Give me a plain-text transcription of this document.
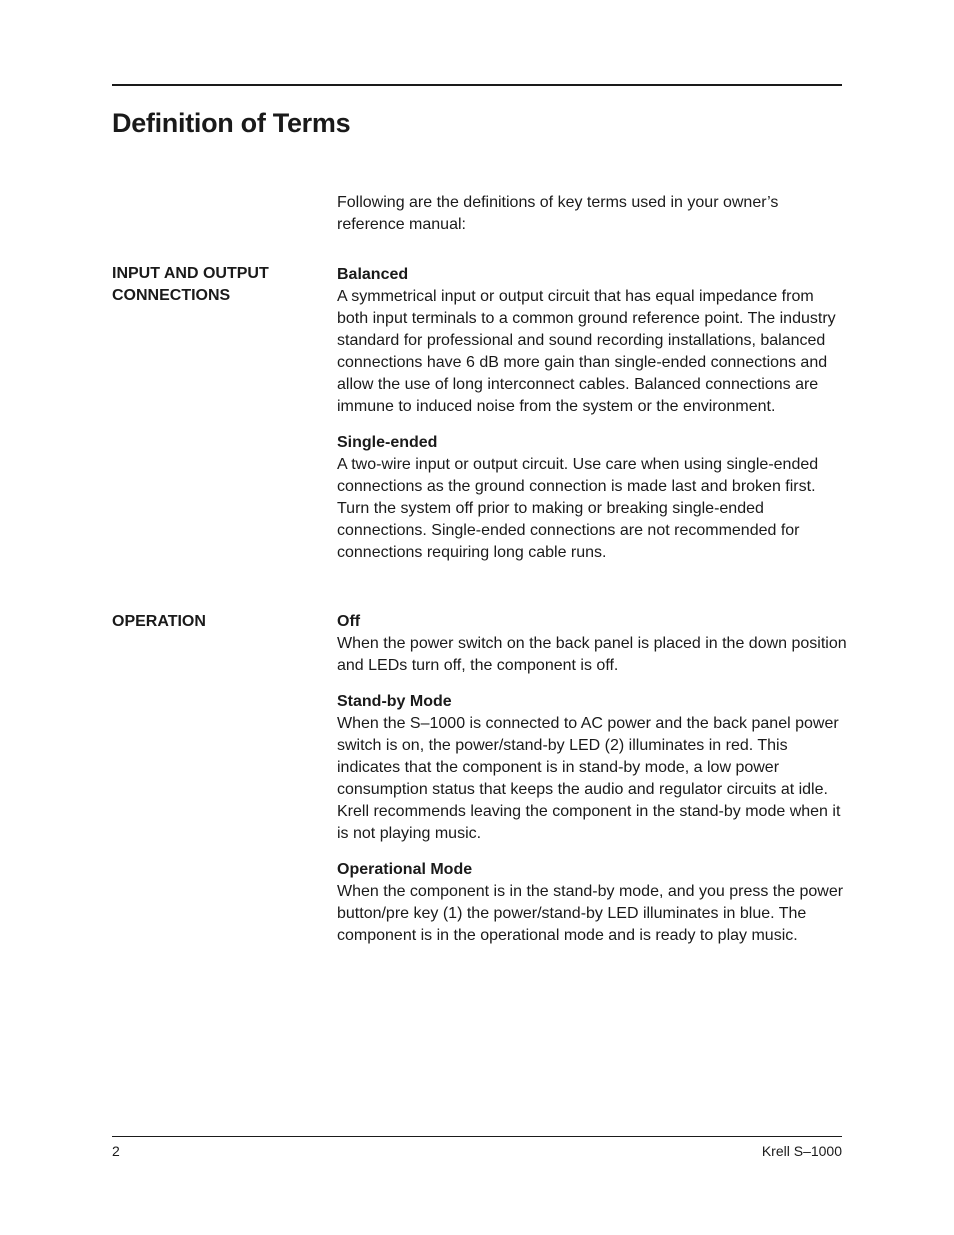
Definition of Terms

Following are the definitions of key terms used in your owner’s reference manual:

INPUT AND OUTPUT
CONNECTIONS

Balanced

A symmetrical input or output circuit that has equal impedance from both input terminals to a common ground reference point. The industry standard for professional and sound recording installations, balanced connections have 6 dB more gain than single-ended connections and allow the use of long interconnect cables. Balanced connections are immune to induced noise from the system or the environment.

Single-ended

A two-wire input or output circuit. Use care when using single-ended connections as the ground connection is made last and broken first. Turn the system off prior to making or breaking single-ended connections. Single-ended connections are not recommended for connections requiring long cable runs.

OPERATION	Off

When the power switch on the back panel is placed in the down position and LEDs turn off, the component is off.

Stand-by Mode

When the S–1000 is connected to AC power and the back panel power switch is on, the power/stand-by LED (2) illuminates in red. This indicates that the component is in stand-by mode, a low power consumption status that keeps the audio and regulator circuits at idle. Krell recommends leaving the component in the stand-by mode when it is not playing music.

Operational Mode

When the component is in the stand-by mode, and you press the power button/pre key (1) the power/stand-by LED illuminates in blue. The component is in the operational mode and is ready to play music.

2	Krell S–1000
